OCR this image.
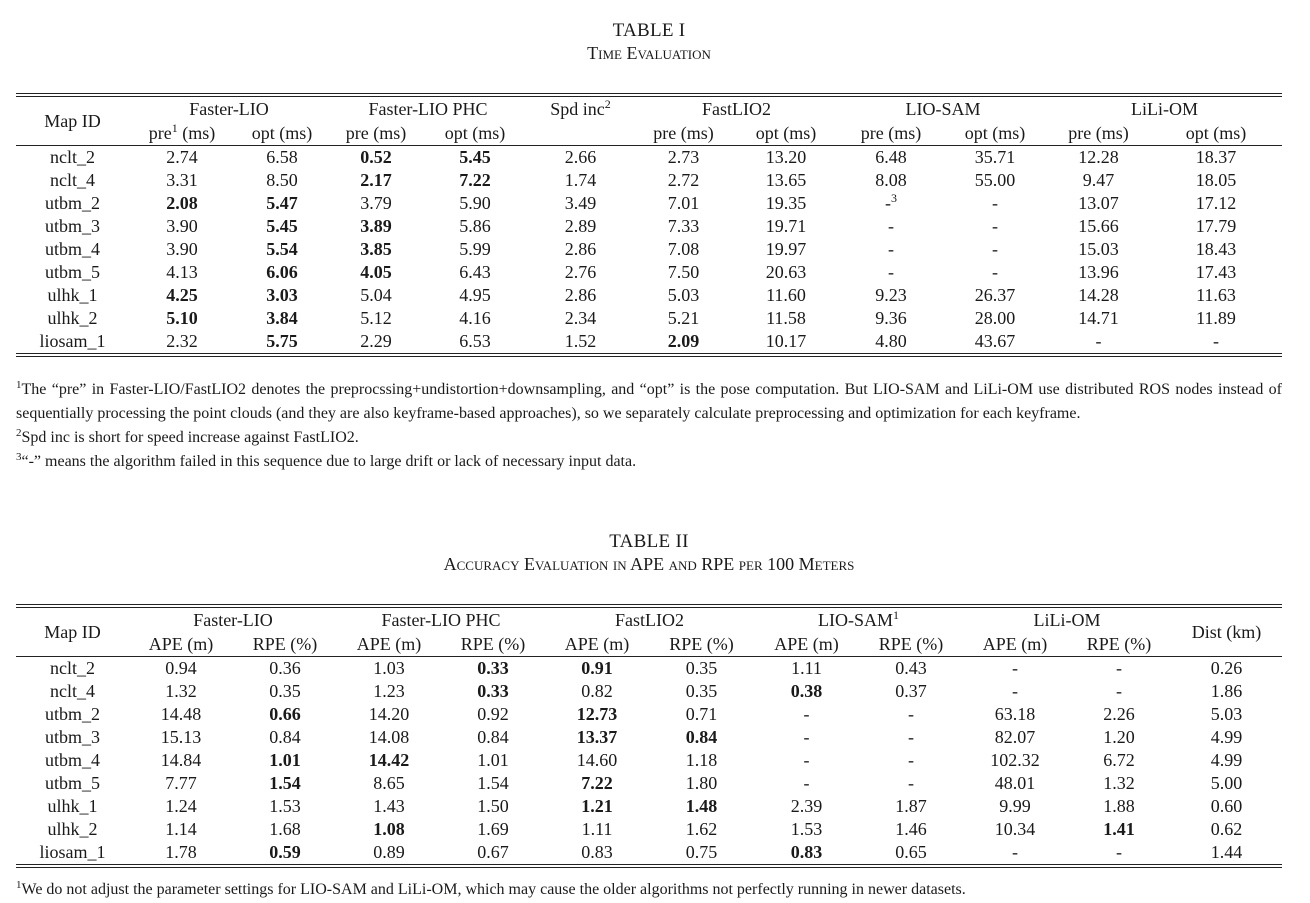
TABLE I
Time Evaluation
Map ID	Faster-LIO		Faster-LIO PHC		Spd inc$^2$	FastLIO2		LIO-SAM		LiLi-OM	
	pre$^1$ (ms)	opt (ms)	pre (ms)	opt (ms)		pre (ms)	opt (ms)	pre (ms)	opt (ms)	pre (ms)	opt (ms)
nclt_2	2.74	6.58	0.52	5.45	2.66	2.73	13.20	6.48	35.71	12.28	18.37	
nclt_4	3.31	8.50	2.17	7.22	1.74	2.72	13.65	8.08	55.00	9.47	18.05	
utbm_2	2.08	5.47	3.79	5.90	3.49	7.01	19.35	-$^3$	-	13.07	17.12	
utbm_3	3.90	5.45	3.89	5.86	2.89	7.33	19.71	-	-	15.66	17.79	
utbm_4	3.90	5.54	3.85	5.99	2.86	7.08	19.97	-	-	15.03	18.43	
utbm_5	4.13	6.06	4.05	6.43	2.76	7.50	20.63	-	-	13.96	17.43	
ulhk_1	4.25	3.03	5.04	4.95	2.86	5.03	11.60	9.23	26.37	14.28	11.63	
ulhk_2	5.10	3.84	5.12	4.16	2.34	5.21	11.58	9.36	28.00	14.71	11.89	
liosam_1	2.32	5.75	2.29	6.53	1.52	2.09	10.17	4.80	43.67	-	-	
$^1$The “pre” in Faster-LIO/FastLIO2 denotes the preprocssing+undistortion+downsampling, and “opt” is the pose computation. But LIO-SAM and LiLi-OM use distributed ROS nodes instead of sequentially processing the point clouds (and they are also keyframe-based approaches), so we separately calculate preprocessing and optimization for each keyframe.
$^2$Spd inc is short for speed increase against FastLIO2.
$^3$“-” means the algorithm failed in this sequence due to large drift or lack of necessary input data.
TABLE II
Accuracy Evaluation in APE and RPE per 100 Meters
Map ID	Faster-LIO		Faster-LIO PHC		FastLIO2		LIO-SAM$^1$		LiLi-OM		Dist (km)
	APE (m)	RPE (%)	APE (m)	RPE (%)	APE (m)	RPE (%)	APE (m)	RPE (%)	APE (m)	RPE (%)	
nclt_2	0.94	0.36	1.03	0.33	0.91	0.35	1.11	0.43	-	-	0.26
nclt_4	1.32	0.35	1.23	0.33	0.82	0.35	0.38	0.37	-	-	1.86
utbm_2	14.48	0.66	14.20	0.92	12.73	0.71	-	-	63.18	2.26	5.03
utbm_3	15.13	0.84	14.08	0.84	13.37	0.84	-	-	82.07	1.20	4.99
utbm_4	14.84	1.01	14.42	1.01	14.60	1.18	-	-	102.32	6.72	4.99
utbm_5	7.77	1.54	8.65	1.54	7.22	1.80	-	-	48.01	1.32	5.00
ulhk_1	1.24	1.53	1.43	1.50	1.21	1.48	2.39	1.87	9.99	1.88	0.60
ulhk_2	1.14	1.68	1.08	1.69	1.11	1.62	1.53	1.46	10.34	1.41	0.62
liosam_1	1.78	0.59	0.89	0.67	0.83	0.75	0.83	0.65	-	-	1.44
$^1$We do not adjust the parameter settings for LIO-SAM and LiLi-OM, which may cause the older algorithms not perfectly running in newer datasets.
